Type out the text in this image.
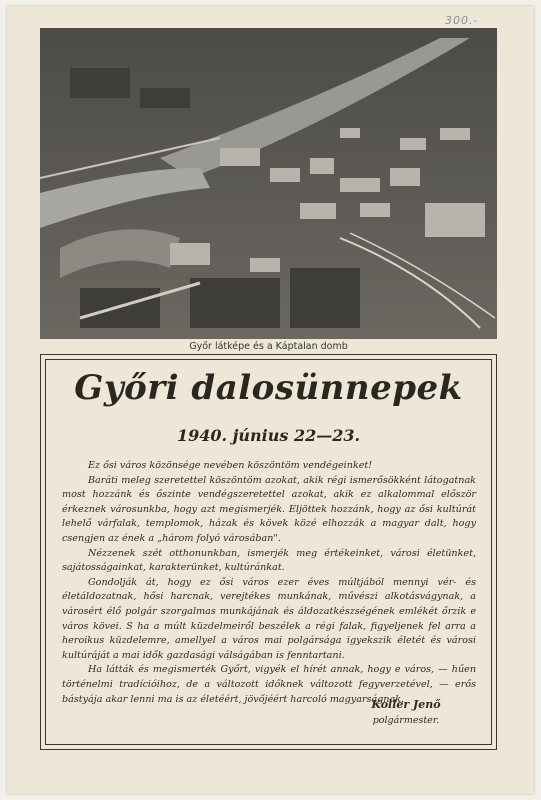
300.-
Győr látképe és a Káptalan domb
Győri dalosünnepek
1940. június 22—23.

Ez ősi város közönsége nevében köszöntöm vendégeinket!

Baráti meleg szeretettel köszöntöm azokat, akik régi ismerősökként látogatnak most hozzánk és őszinte vendégszeretettel azokat, akik ez alkalommal először érkeznek városunkba, hogy azt megismerjék. Eljöttek hozzánk, hogy az ősi kultúrát lehelő várfalak, templomok, házak és kövek közé elhozzák a magyar dalt, hogy csengjen az ének a „három folyó városában".

Nézzenek szét otthonunkban, ismerjék meg értékeinket, városi életünket, sajátosságainkat, karakterünket, kultúránkat.

Gondolják át, hogy ez ősi város ezer éves múltjából mennyi vér- és életáldozatnak, hősi harcnak, verejtékes munkának, művészi alkotásvágynak, a városért élő polgár szorgalmas munkájának és áldozatkészségének emlékét őrzik e város kövei. S ha a múlt küzdelmeiről beszélek a régi falak, figyeljenek fel arra a heroikus küzdelemre, amellyel a város mai polgársága igyekszik életét és városi kultúráját a mai idők gazdasági válságában is fenntartani.

Ha látták és megismerték Győrt, vigyék el hírét annak, hogy e város, — hűen történelmi tradícióihoz, de a változott időknek változott fegyverzetével, — erős bástyája akar lenni ma is az életéért, jövőjéért harcoló magyarságnak.

Koller Jenő
polgármester.
